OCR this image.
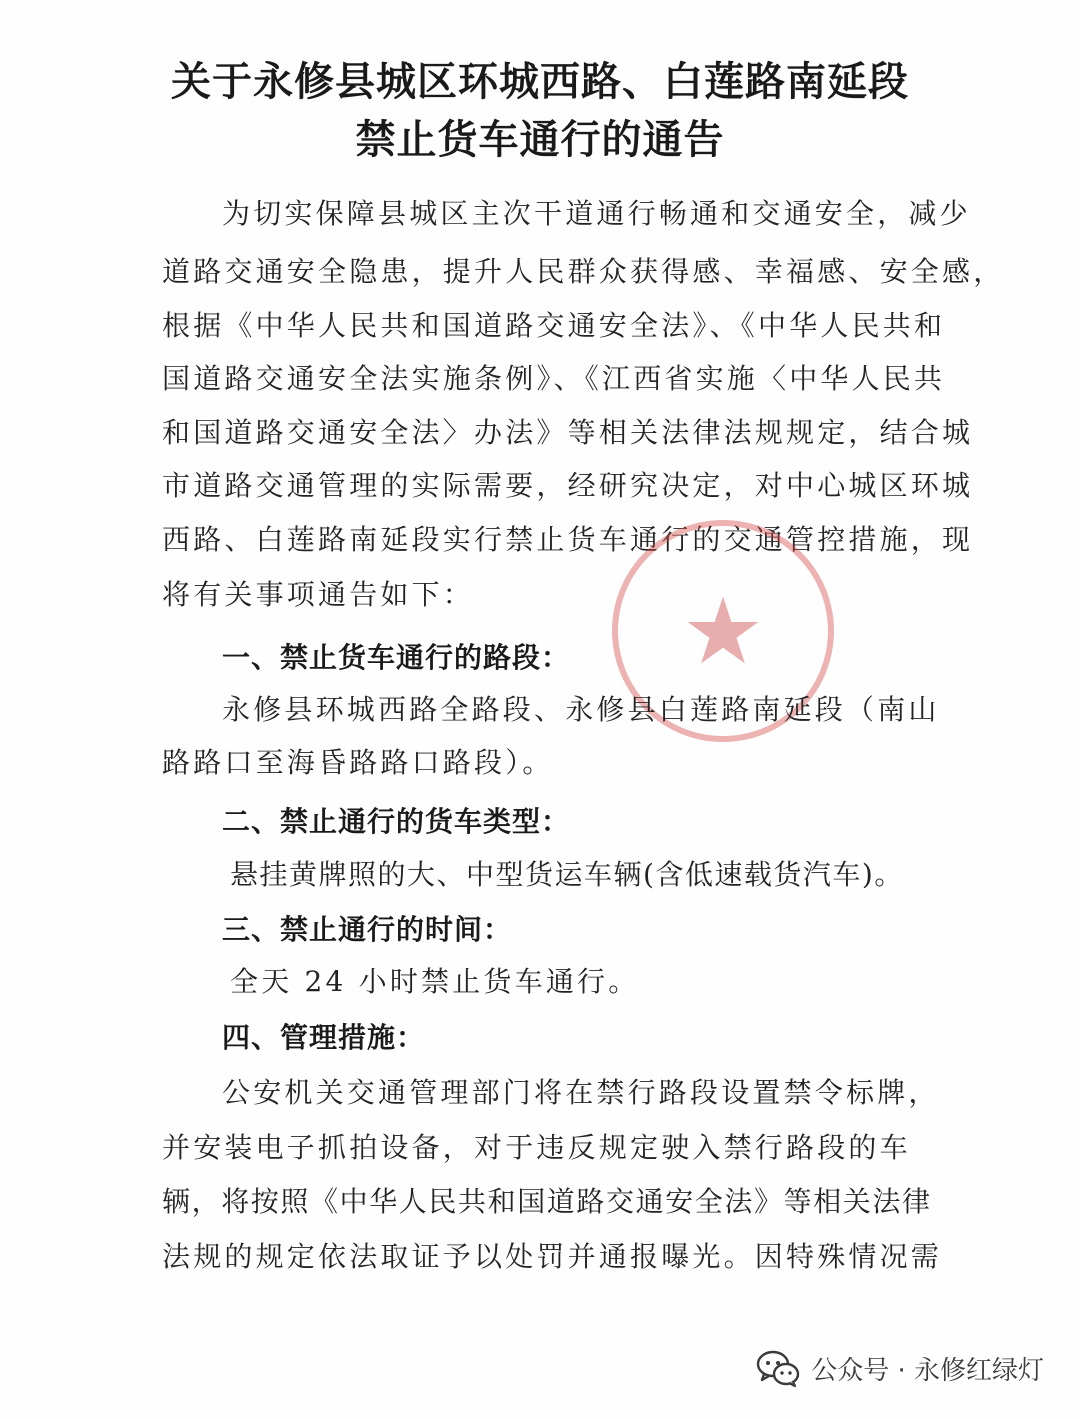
关于永修县城区环城西路、白莲路南延段
禁止货车通行的通告
为切实保障县城区主次干道通行畅通和交通安全，减少
道路交通安全隐患，提升人民群众获得感、幸福感、安全感，
根据《中华人民共和国道路交通安全法》、《中华人民共和
国道路交通安全法实施条例》、《江西省实施〈中华人民共
和国道路交通安全法〉办法》等相关法律法规规定，结合城
市道路交通管理的实际需要，经研究决定，对中心城区环城
西路、白莲路南延段实行禁止货车通行的交通管控措施，现
将有关事项通告如下：	★
一、禁止货车通行的路段：
永修县环城西路全路段、永修县白莲路南延段（南山
路路口至海昏路路口路段）。
二、禁止通行的货车类型：
悬挂黄牌照的大、中型货运车辆(含低速载货汽车)。
三、禁止通行的时间：
全天 24 小时禁止货车通行。
四、管理措施：
公安机关交通管理部门将在禁行路段设置禁令标牌，
并安装电子抓拍设备，对于违反规定驶入禁行路段的车
辆，将按照《中华人民共和国道路交通安全法》等相关法律
法规的规定依法取证予以处罚并通报曝光。因特殊情况需
公众号 · 永修红绿灯
